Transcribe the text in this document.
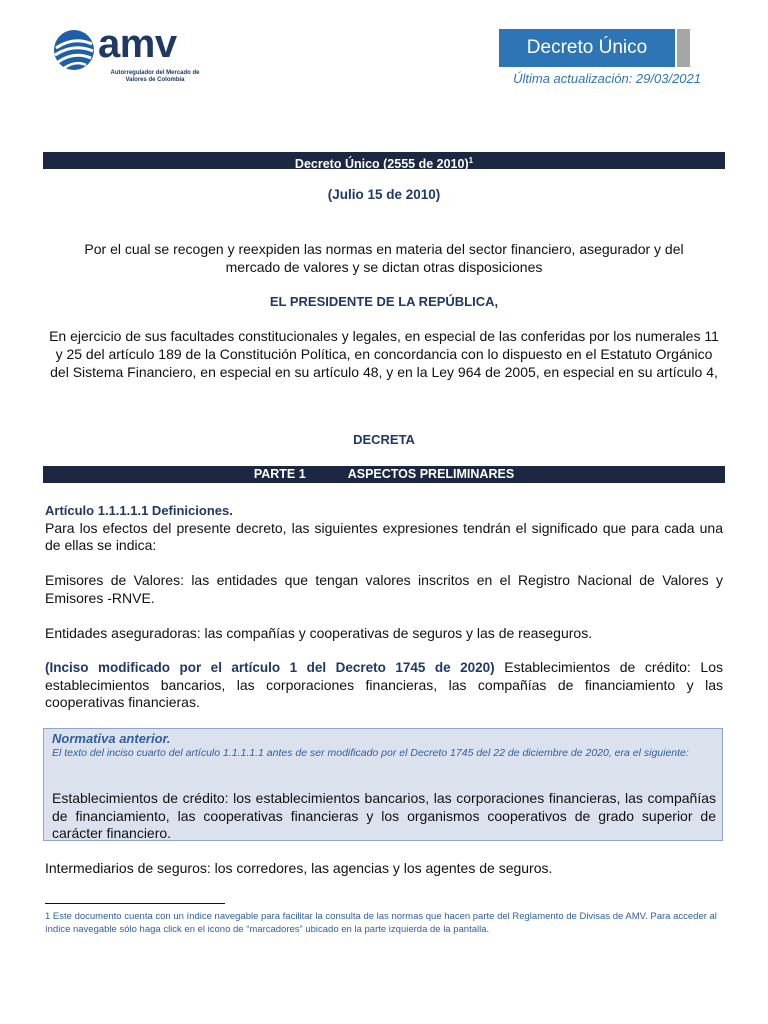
amv
Autorregulador del Mercado de Valores de Colombia
Decreto Único
Última actualización: 29/03/2021
Decreto Único (2555 de 2010)$^1$
(Julio 15 de 2010)
Por el cual se recogen y reexpiden las normas en materia del sector financiero, asegurador y del mercado de valores y se dictan otras disposiciones
EL PRESIDENTE DE LA REPÚBLICA,
En ejercicio de sus facultades constitucionales y legales, en especial de las conferidas por los numerales 11 y 25 del artículo 189 de la Constitución Política, en concordancia con lo dispuesto en el Estatuto Orgánico del Sistema Financiero, en especial en su artículo 48, y en la Ley 964 de 2005, en especial en su artículo 4,
DECRETA
PARTE 1	ASPECTOS PRELIMINARES
Artículo 1.1.1.1.1 Definiciones.
Para los efectos del presente decreto, las siguientes expresiones tendrán el significado que para cada una de ellas se indica:
Emisores de Valores: las entidades que tengan valores inscritos en el Registro Nacional de Valores y Emisores -RNVE.
Entidades aseguradoras: las compañías y cooperativas de seguros y las de reaseguros.
(Inciso modificado por el artículo 1 del Decreto 1745 de 2020) Establecimientos de crédito: Los establecimientos bancarios, las corporaciones financieras, las compañías de financiamiento y las cooperativas financieras.
Normativa anterior.
El texto del inciso cuarto del artículo 1.1.1.1.1 antes de ser modificado por el Decreto 1745 del 22 de diciembre de 2020, era el siguiente:
Establecimientos de crédito: los establecimientos bancarios, las corporaciones financieras, las compañías de financiamiento, las cooperativas financieras y los organismos cooperativos de grado superior de carácter financiero.
Intermediarios de seguros: los corredores, las agencias y los agentes de seguros.
1 Este documento cuenta con un índice navegable para facilitar la consulta de las normas que hacen parte del Reglamento de Divisas de AMV. Para acceder al índice navegable sólo haga click en el icono de “marcadores” ubicado en la parte izquierda de la pantalla.
